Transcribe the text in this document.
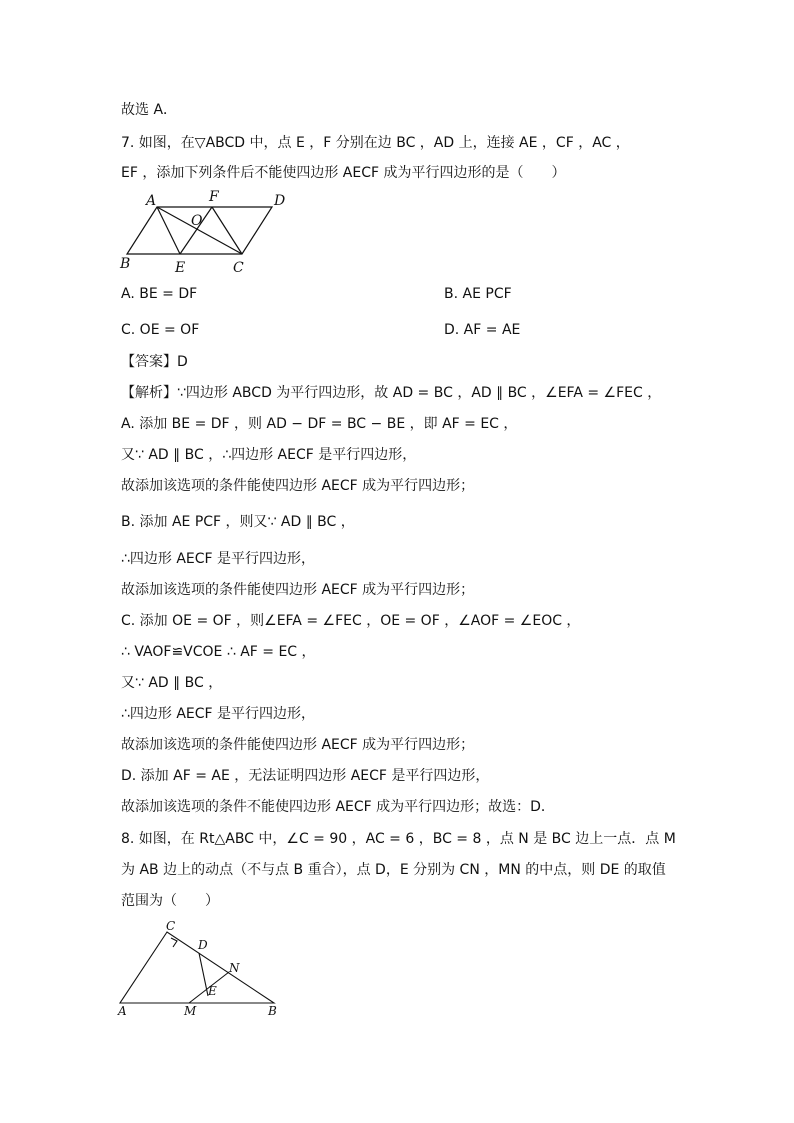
故选 A．
7. 如图，在▽ABCD 中，点 E ，F 分别在边 BC ，AD 上，连接 AE ，CF ，AC ，
EF ，添加下列条件后不能使四边形 AECF 成为平行四边形的是（　　）
A	F	D
O
B	E	C
A. BE = DF	B. AE PCF
C. OE = OF	D. AF = AE
【答案】D
【解析】∵四边形 ABCD 为平行四边形，故 AD = BC ，AD ∥ BC ，∠EFA = ∠FEC ，
A. 添加 BE = DF ，则 AD − DF = BC − BE ，即 AF = EC ，
又∵ AD ∥ BC ，∴四边形 AECF 是平行四边形，
故添加该选项的条件能使四边形 AECF 成为平行四边形；
B. 添加 AE PCF ，则又∵ AD ∥ BC ，
∴四边形 AECF 是平行四边形，
故添加该选项的条件能使四边形 AECF 成为平行四边形；
C. 添加 OE = OF ，则∠EFA = ∠FEC ，OE = OF ，∠AOF = ∠EOC ，
∴ VAOF≌VCOE ∴ AF = EC ，
又∵ AD ∥ BC ，
∴四边形 AECF 是平行四边形，
故添加该选项的条件能使四边形 AECF 成为平行四边形；
D. 添加 AF = AE ，无法证明四边形 AECF 是平行四边形，
故添加该选项的条件不能使四边形 AECF 成为平行四边形；故选：D．
8. 如图，在 Rt△ABC 中，∠C = 90 ，AC = 6 ，BC = 8 ，点 N 是 BC 边上一点．点 M
为 AB 边上的动点（不与点 B 重合），点 D，E 分别为 CN ，MN 的中点，则 DE 的取值
范围为（　　）
C
D
N
E
A	M	B
